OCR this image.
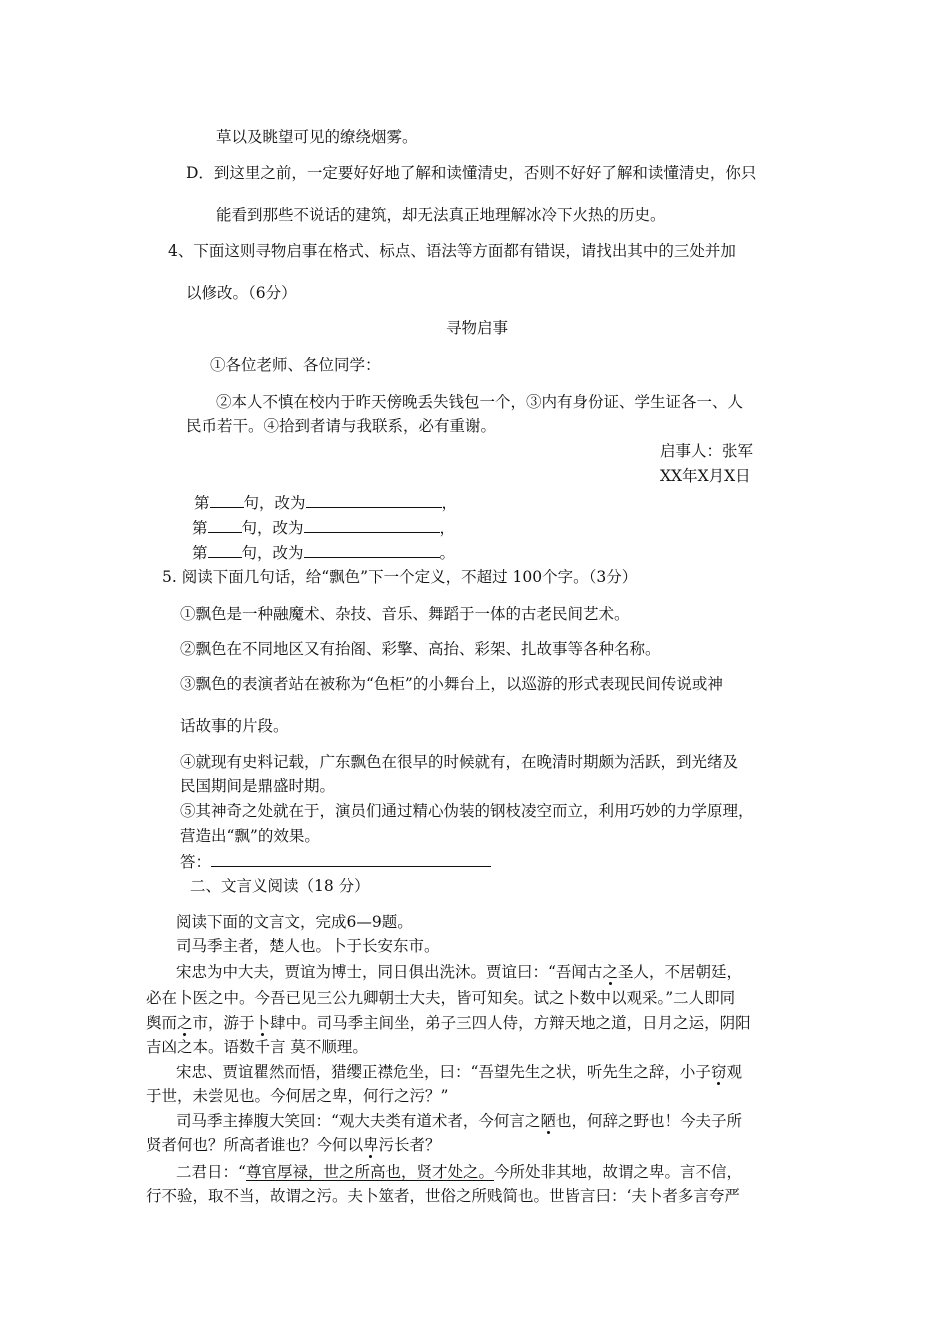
草以及眺望可见的缭绕烟雾。
D．到这里之前，一定要好好地了解和读懂清史，否则不好好了解和读懂清史，你只
能看到那些不说话的建筑，却无法真正地理解冰冷下火热的历史。
4、下面这则寻物启事在格式、标点、语法等方面都有错误，请找出其中的三处并加
以修改。（6分）
寻物启事
①各位老师、各位同学：
②本人不慎在校内于昨天傍晚丢失钱包一个，③内有身份证、学生证各一、人
民币若干。④拾到者请与我联系，必有重谢。
启事人：张军
XX年X月X日
第 句，改为	，
第 句，改为	，
第 句，改为	。
5. 阅读下面几句话，给“飘色”下一个定义，不超过 100个字。（3分）
①飘色是一种融魔术、杂技、音乐、舞蹈于一体的古老民间艺术。
②飘色在不同地区又有抬阁、彩擎、高抬、彩架、扎故事等各种名称。
③飘色的表演者站在被称为“色柜”的小舞台上，以巡游的形式表现民间传说或神
话故事的片段。
④就现有史料记载，广东飘色在很早的时候就有，在晚清时期颇为活跃，到光绪及
民国期间是鼎盛时期。
⑤其神奇之处就在于，演员们通过精心伪装的钢枝凌空而立，利用巧妙的力学原理，
营造出“飘”的效果。
答：
二、文言义阅读（18 分）
阅读下面的文言文，完成6—9题。
司马季主者，楚人也。卜于长安东市。
宋忠为中大夫，贾谊为博士，同日俱出洗沐。贾谊曰：“吾闻古之圣人，不居朝廷，
必在卜医之中。今吾已见三公九卿朝士大夫，皆可知矣。试之卜数中以观采。”二人即同
舆而之市，游于卜肆中。司马季主间坐，弟子三四人侍，方辩天地之道，日月之运，阴阳
吉凶之本。语数千言 莫不顺理。
宋忠、贾谊瞿然而悟，猎缨正襟危坐，曰：“吾望先生之状，听先生之辞，小子窃观
于世，未尝见也。今何居之卑，何行之污？”
司马季主捧腹大笑回：“观大夫类有道术者，今何言之陋也，何辞之野也！今夫子所
贤者何也？所高者谁也？今何以卑污长者？
二君日：“尊官厚禄，世之所高也，贤才处之。今所处非其地，故谓之卑。言不信，
行不验，取不当，故谓之污。夫卜筮者，世俗之所贱简也。世皆言曰：‘夫卜者多言夸严
